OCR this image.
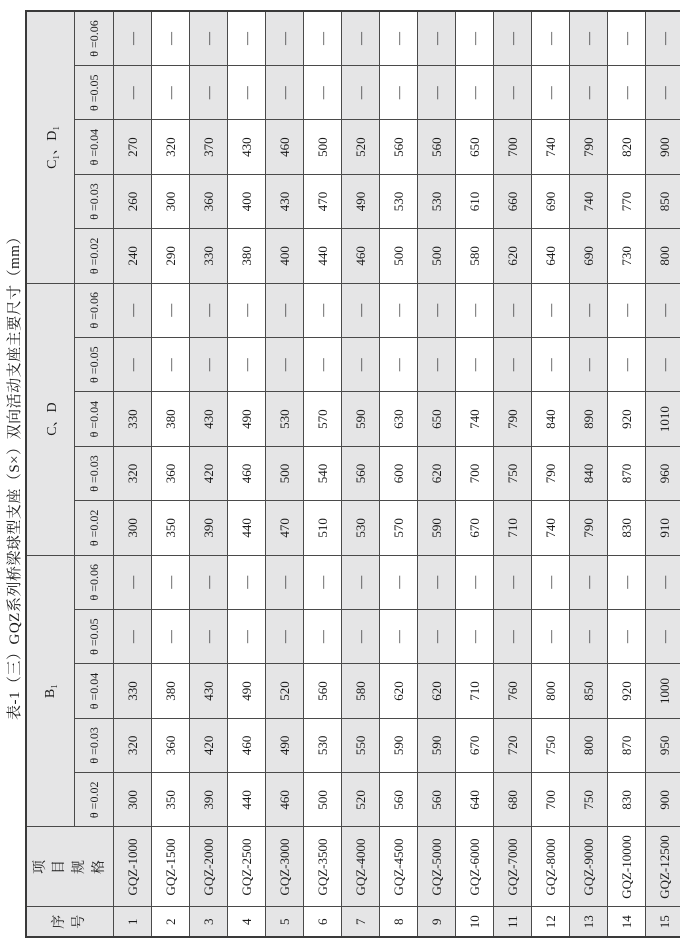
表-1（三）GQZ系列桥梁球型支座（S×）双向活动支座主要尺寸（mm）
序 号	项 目 规 格	B₁					C、D					C₁、D₁				
		θ =0.02	θ =0.03	θ =0.04	θ =0.05	θ =0.06	θ =0.02	θ =0.03	θ =0.04	θ =0.05	θ =0.06	θ =0.02	θ =0.03	θ =0.04	θ =0.05	θ =0.06
1	GQZ-1000	300	320	330	—	—	300	320	330	—	—	240	260	270	—	—
2	GQZ-1500	350	360	380	—	—	350	360	380	—	—	290	300	320	—	—
3	GQZ-2000	390	420	430	—	—	390	420	430	—	—	330	360	370	—	—
4	GQZ-2500	440	460	490	—	—	440	460	490	—	—	380	400	430	—	—
5	GQZ-3000	460	490	520	—	—	470	500	530	—	—	400	430	460	—	—
6	GQZ-3500	500	530	560	—	—	510	540	570	—	—	440	470	500	—	—
7	GQZ-4000	520	550	580	—	—	530	560	590	—	—	460	490	520	—	—
8	GQZ-4500	560	590	620	—	—	570	600	630	—	—	500	530	560	—	—
9	GQZ-5000	560	590	620	—	—	590	620	650	—	—	500	530	560	—	—
10	GQZ-6000	640	670	710	—	—	670	700	740	—	—	580	610	650	—	—
11	GQZ-7000	680	720	760	—	—	710	750	790	—	—	620	660	700	—	—
12	GQZ-8000	700	750	800	—	—	740	790	840	—	—	640	690	740	—	—
13	GQZ-9000	750	800	850	—	—	790	840	890	—	—	690	740	790	—	—
14	GQZ-10000	830	870	920	—	—	830	870	920	—	—	730	770	820	—	—
15	GQZ-12500	900	950	1000	—	—	910	960	1010	—	—	800	850	900	—	—
